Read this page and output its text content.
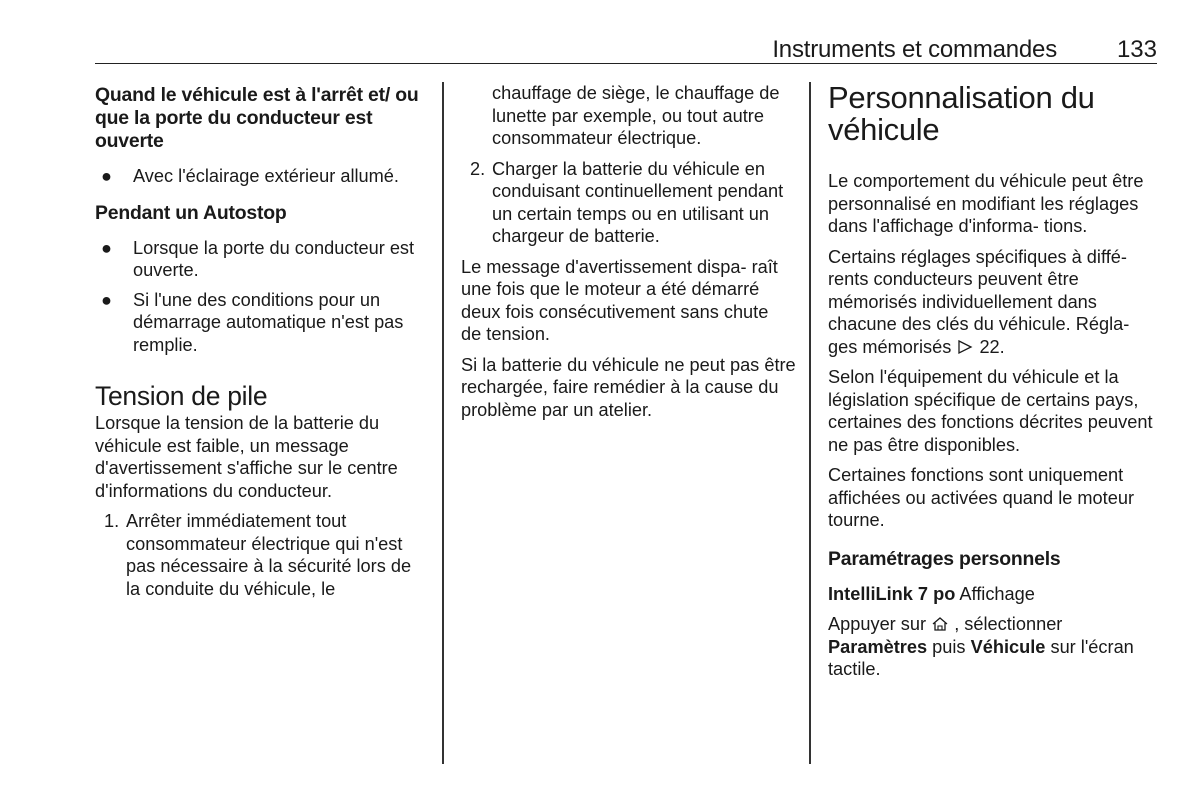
Instruments et commandes 133

Quand le véhicule est à l'arrêt et/ ou que la porte du conducteur est ouverte

● Avec l'éclairage extérieur allumé.

Pendant un Autostop

● Lorsque la porte du conducteur est ouverte.
● Si l'une des conditions pour un démarrage automatique n'est pas remplie.

Tension de pile

Lorsque la tension de la batterie du véhicule est faible, un message d'avertissement s'affiche sur le centre d'informations du conducteur.

1. Arrêter immédiatement tout consommateur électrique qui n'est pas nécessaire à la sécurité lors de la conduite du véhicule, le

chauffage de siège, le chauffage de lunette par exemple, ou tout autre consommateur électrique.

2. Charger la batterie du véhicule en conduisant continuellement pendant un certain temps ou en utilisant un chargeur de batterie.

Le message d'avertissement dispa- raît une fois que le moteur a été démarré deux fois consécutivement sans chute de tension.

Si la batterie du véhicule ne peut pas être rechargée, faire remédier à la cause du problème par un atelier.

Personnalisation du véhicule

Le comportement du véhicule peut être personnalisé en modifiant les réglages dans l'affichage d'informa- tions.

Certains réglages spécifiques à diffé- rents conducteurs peuvent être mémorisés individuellement dans chacune des clés du véhicule. Régla- ges mémorisés 22.

Selon l'équipement du véhicule et la législation spécifique de certains pays, certaines des fonctions décrites peuvent ne pas être disponibles.

Certaines fonctions sont uniquement affichées ou activées quand le moteur tourne.

Paramétrages personnels

IntelliLink 7 po Affichage

Appuyer sur , sélectionner Paramètres puis Véhicule sur l'écran tactile.
